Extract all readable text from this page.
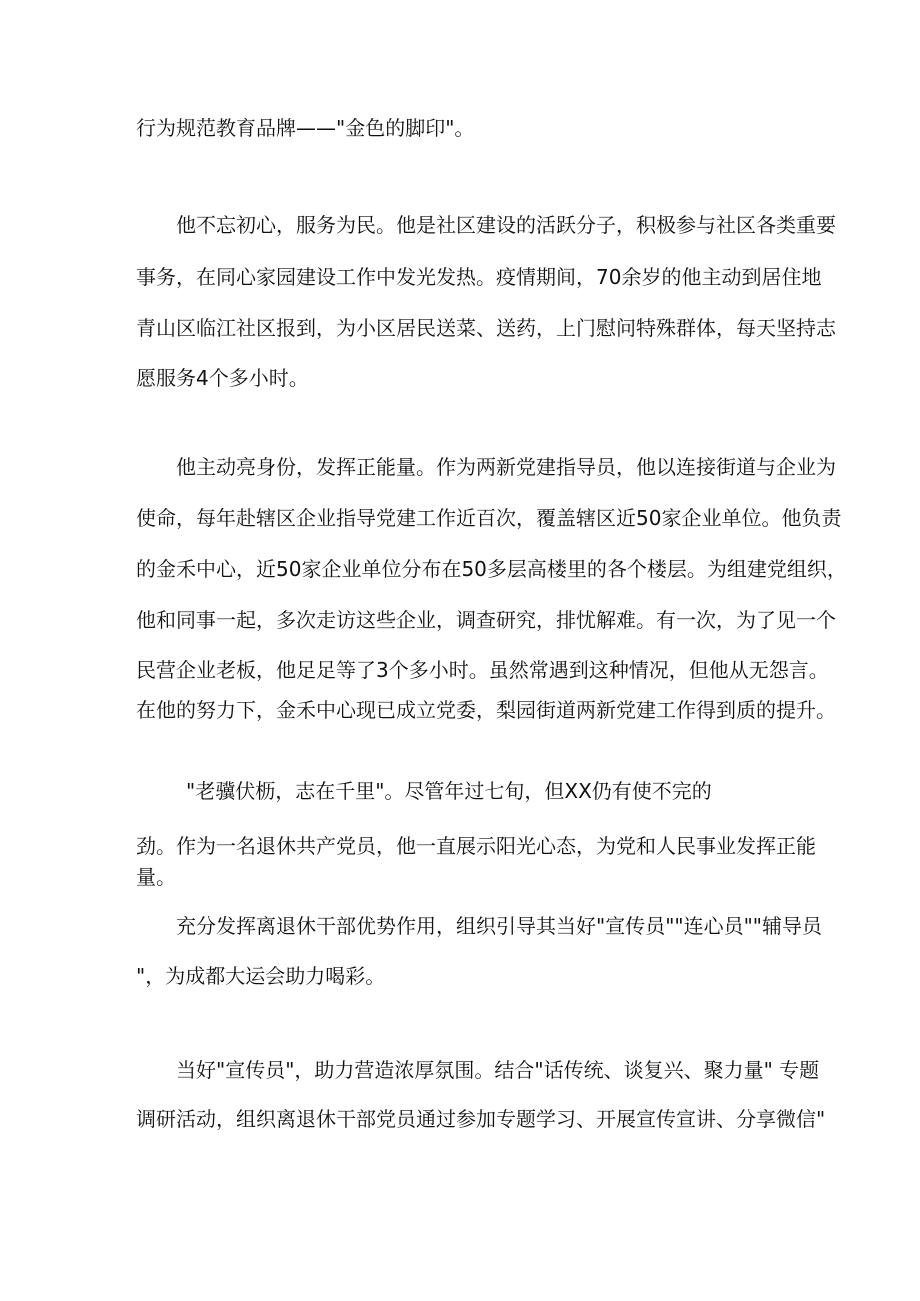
行为规范教育品牌——"金色的脚印"。
他不忘初心，服务为民。他是社区建设的活跃分子，积极参与社区各类重要
事务，在同心家园建设工作中发光发热。疫情期间，70余岁的他主动到居住地
青山区临江社区报到，为小区居民送菜、送药，上门慰问特殊群体，每天坚持志
愿服务4个多小时。
他主动亮身份，发挥正能量。作为两新党建指导员，他以连接街道与企业为
使命，每年赴辖区企业指导党建工作近百次，覆盖辖区近50家企业单位。他负责
的金禾中心，近50家企业单位分布在50多层高楼里的各个楼层。为组建党组织，
他和同事一起，多次走访这些企业，调查研究，排忧解难。有一次，为了见一个
民营企业老板，他足足等了3个多小时。虽然常遇到这种情况，但他从无怨言。
在他的努力下，金禾中心现已成立党委，梨园街道两新党建工作得到质的提升。
"老骥伏枥，志在千里"。尽管年过七旬，但XX仍有使不完的
劲。作为一名退休共产党员，他一直展示阳光心态，为党和人民事业发挥正能
量。
充分发挥离退休干部优势作用，组织引导其当好"宣传员""连心员""辅导员
"，为成都大运会助力喝彩。
当好"宣传员"，助力营造浓厚氛围。结合"话传统、谈复兴、聚力量" 专题
调研活动，组织离退休干部党员通过参加专题学习、开展宣传宣讲、分享微信"
